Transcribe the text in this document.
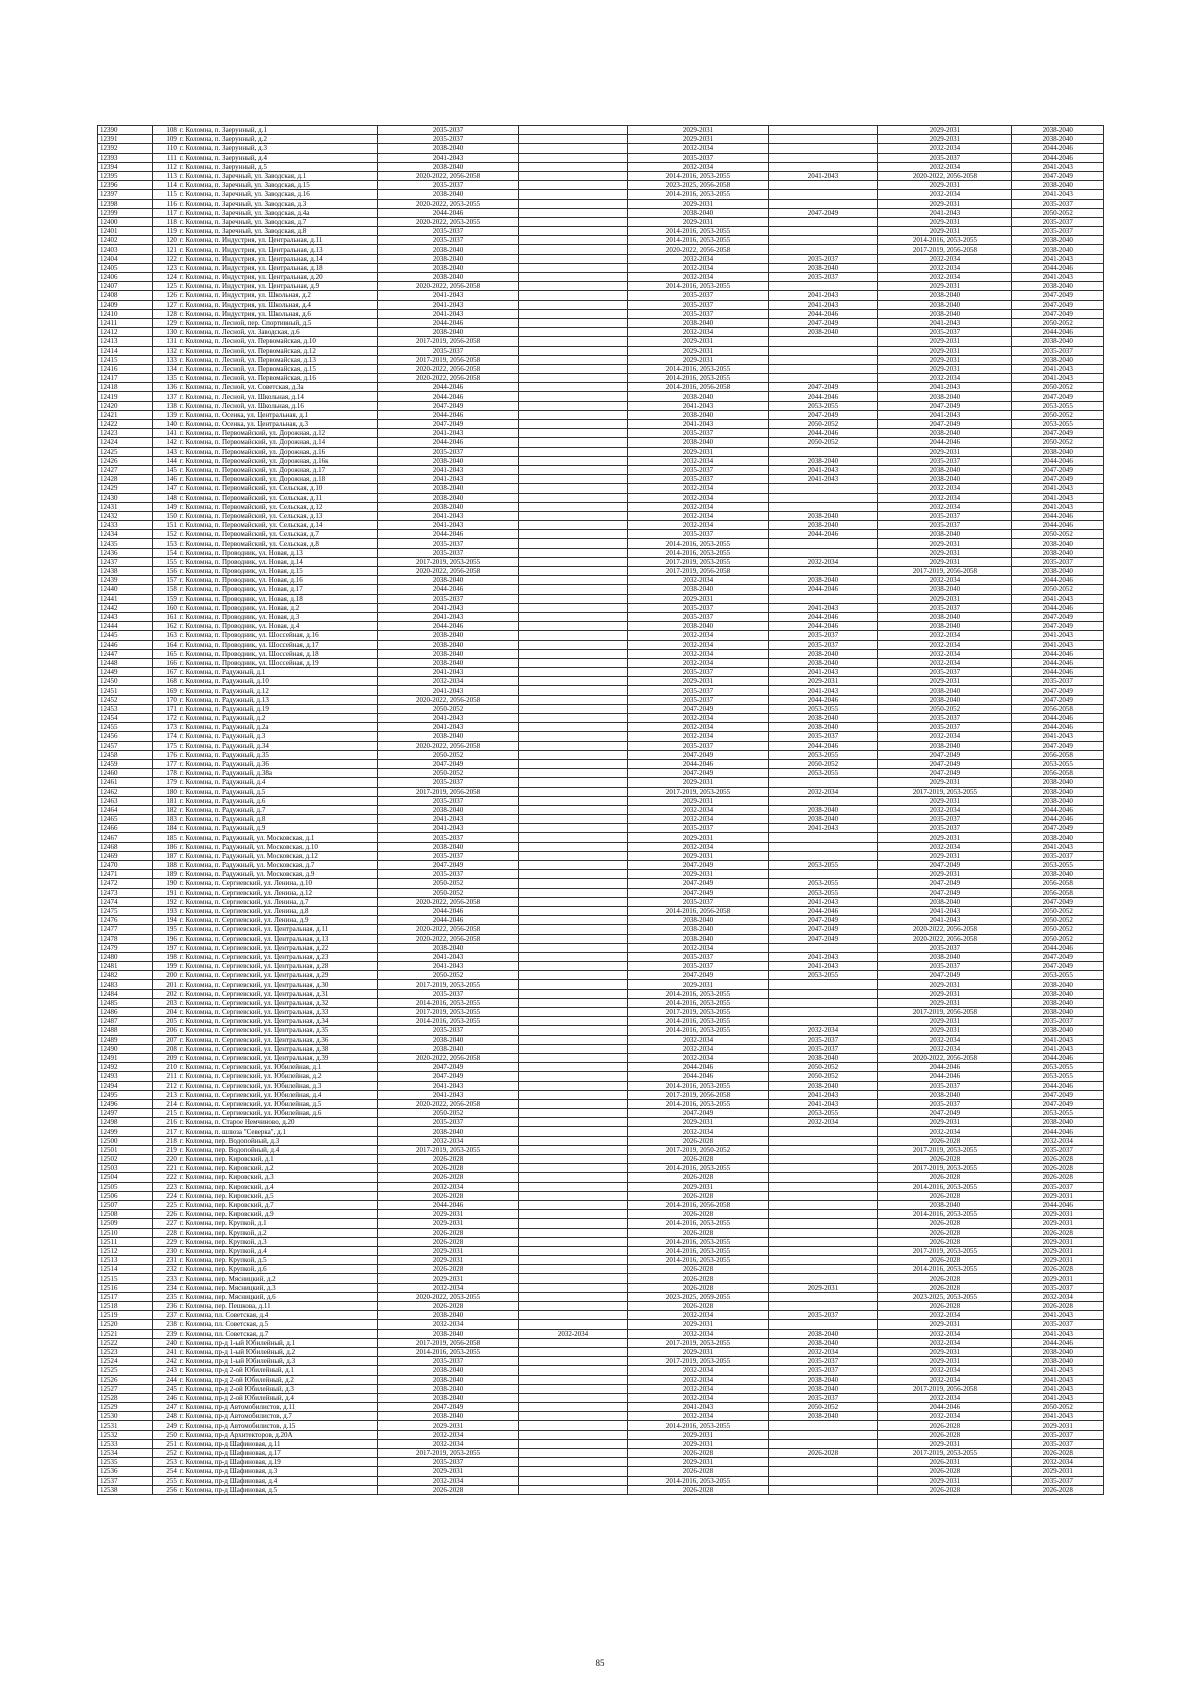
12390	108 г. Коломна, п. Заерунный, д.1	2035-2037		2029-2031		2029-2031	2038-2040
12391	109 г. Коломна, п. Заерунный, д.2	2035-2037		2029-2031		2029-2031	2038-2040
12392	110 г. Коломна, п. Заерунный, д.3	2038-2040		2032-2034		2032-2034	2044-2046
12393	111 г. Коломна, п. Заерунный, д.4	2041-2043		2035-2037		2035-2037	2044-2046
12394	112 г. Коломна, п. Заерунный, д.5	2038-2040		2032-2034		2032-2034	2041-2043
12395	113 г. Коломна, п. Заречный, ул. Заводская, д.1	2020-2022, 2056-2058		2014-2016, 2053-2055	2041-2043	2020-2022, 2056-2058	2047-2049
12396	114 г. Коломна, п. Заречный, ул. Заводская, д.15	2035-2037		2023-2025, 2056-2058		2029-2031	2038-2040
12397	115 г. Коломна, п. Заречный, ул. Заводская, д.16	2038-2040		2014-2016, 2053-2055		2032-2034	2041-2043
12398	116 г. Коломна, п. Заречный, ул. Заводская, д.3	2020-2022, 2053-2055		2029-2031		2029-2031	2035-2037
12399	117 г. Коломна, п. Заречный, ул. Заводская, д.4а	2044-2046		2038-2040	2047-2049	2041-2043	2050-2052
12400	118 г. Коломна, п. Заречный, ул. Заводская, д.7	2020-2022, 2053-2055		2029-2031		2029-2031	2035-2037
12401	119 г. Коломна, п. Заречный, ул. Заводская, д.8	2035-2037		2014-2016, 2053-2055		2029-2031	2035-2037
12402	120 г. Коломна, п. Индустрия, ул. Центральная, д.11	2035-2037		2014-2016, 2053-2055		2014-2016, 2053-2055	2038-2040
12403	121 г. Коломна, п. Индустрия, ул. Центральная, д.13	2038-2040		2020-2022, 2056-2058		2017-2019, 2056-2058	2038-2040
12404	122 г. Коломна, п. Индустрия, ул. Центральная, д.14	2038-2040		2032-2034	2035-2037	2032-2034	2041-2043
12405	123 г. Коломна, п. Индустрия, ул. Центральная, д.18	2038-2040		2032-2034	2038-2040	2032-2034	2044-2046
12406	124 г. Коломна, п. Индустрия, ул. Центральная, д.20	2038-2040		2032-2034	2035-2037	2032-2034	2041-2043
12407	125 г. Коломна, п. Индустрия, ул. Центральная, д.9	2020-2022, 2056-2058		2014-2016, 2053-2055		2029-2031	2038-2040
12408	126 г. Коломна, п. Индустрия, ул. Школьная, д.2	2041-2043		2035-2037	2041-2043	2038-2040	2047-2049
12409	127 г. Коломна, п. Индустрия, ул. Школьная, д.4	2041-2043		2035-2037	2041-2043	2038-2040	2047-2049
12410	128 г. Коломна, п. Индустрия, ул. Школьная, д.6	2041-2043		2035-2037	2044-2046	2038-2040	2047-2049
12411	129 г. Коломна, п. Лесной, пер. Спортивный, д.5	2044-2046		2038-2040	2047-2049	2041-2043	2050-2052
12412	130 г. Коломна, п. Лесной, ул. Заводская, д.6	2038-2040		2032-2034	2038-2040	2035-2037	2044-2046
12413	131 г. Коломна, п. Лесной, ул. Первомайская, д.10	2017-2019, 2056-2058		2029-2031		2029-2031	2038-2040
12414	132 г. Коломна, п. Лесной, ул. Первомайская, д.12	2035-2037		2029-2031		2029-2031	2035-2037
12415	133 г. Коломна, п. Лесной, ул. Первомайская, д.13	2017-2019, 2056-2058		2029-2031		2029-2031	2038-2040
12416	134 г. Коломна, п. Лесной, ул. Первомайская, д.15	2020-2022, 2056-2058		2014-2016, 2053-2055		2029-2031	2041-2043
12417	135 г. Коломна, п. Лесной, ул. Первомайская, д.16	2020-2022, 2056-2058		2014-2016, 2053-2055		2032-2034	2041-2043
12418	136 г. Коломна, п. Лесной, ул. Советская, д.3а	2044-2046		2014-2016, 2056-2058	2047-2049	2041-2043	2050-2052
12419	137 г. Коломна, п. Лесной, ул. Школьная, д.14	2044-2046		2038-2040	2044-2046	2038-2040	2047-2049
12420	138 г. Коломна, п. Лесной, ул. Школьная, д.16	2047-2049		2041-2043	2053-2055	2047-2049	2053-2055
12421	139 г. Коломна, п. Осенка, ул. Центральная, д.1	2044-2046		2038-2040	2047-2049	2041-2043	2050-2052
12422	140 г. Коломна, п. Осенка, ул. Центральная, д.3	2047-2049		2041-2043	2050-2052	2047-2049	2053-2055
12423	141 г. Коломна, п. Первомайский, ул. Дорожная, д.12	2041-2043		2035-2037	2044-2046	2038-2040	2047-2049
12424	142 г. Коломна, п. Первомайский, ул. Дорожная, д.14	2044-2046		2038-2040	2050-2052	2044-2046	2050-2052
12425	143 г. Коломна, п. Первомайский, ул. Дорожная, д.16	2035-2037		2029-2031		2029-2031	2038-2040
12426	144 г. Коломна, п. Первомайский, ул. Дорожная, д.16к	2038-2040		2032-2034	2038-2040	2035-2037	2044-2046
12427	145 г. Коломна, п. Первомайский, ул. Дорожная, д.17	2041-2043		2035-2037	2041-2043	2038-2040	2047-2049
12428	146 г. Коломна, п. Первомайский, ул. Дорожная, д.18	2041-2043		2035-2037	2041-2043	2038-2040	2047-2049
12429	147 г. Коломна, п. Первомайский, ул. Сельская, д.10	2038-2040		2032-2034		2032-2034	2041-2043
12430	148 г. Коломна, п. Первомайский, ул. Сельская, д.11	2038-2040		2032-2034		2032-2034	2041-2043
12431	149 г. Коломна, п. Первомайский, ул. Сельская, д.12	2038-2040		2032-2034		2032-2034	2041-2043
12432	150 г. Коломна, п. Первомайский, ул. Сельская, д.13	2041-2043		2032-2034	2038-2040	2035-2037	2044-2046
12433	151 г. Коломна, п. Первомайский, ул. Сельская, д.14	2041-2043		2032-2034	2038-2040	2035-2037	2044-2046
12434	152 г. Коломна, п. Первомайский, ул. Сельская, д.7	2044-2046		2035-2037	2044-2046	2038-2040	2050-2052
12435	153 г. Коломна, п. Первомайский, ул. Сельская, д.8	2035-2037		2014-2016, 2053-2055		2029-2031	2038-2040
12436	154 г. Коломна, п. Проводник, ул. Новая, д.13	2035-2037		2014-2016, 2053-2055		2029-2031	2038-2040
12437	155 г. Коломна, п. Проводник, ул. Новая, д.14	2017-2019, 2053-2055		2017-2019, 2053-2055	2032-2034	2029-2031	2035-2037
12438	156 г. Коломна, п. Проводник, ул. Новая, д.15	2020-2022, 2056-2058		2017-2019, 2056-2058		2017-2019, 2056-2058	2038-2040
12439	157 г. Коломна, п. Проводник, ул. Новая, д.16	2038-2040		2032-2034	2038-2040	2032-2034	2044-2046
12440	158 г. Коломна, п. Проводник, ул. Новая, д.17	2044-2046		2038-2040	2044-2046	2038-2040	2050-2052
12441	159 г. Коломна, п. Проводник, ул. Новая, д.18	2035-2037		2029-2031		2029-2031	2041-2043
12442	160 г. Коломна, п. Проводник, ул. Новая, д.2	2041-2043		2035-2037	2041-2043	2035-2037	2044-2046
12443	161 г. Коломна, п. Проводник, ул. Новая, д.3	2041-2043		2035-2037	2044-2046	2038-2040	2047-2049
12444	162 г. Коломна, п. Проводник, ул. Новая, д.4	2044-2046		2038-2040	2044-2046	2038-2040	2047-2049
12445	163 г. Коломна, п. Проводник, ул. Шоссейная, д.16	2038-2040		2032-2034	2035-2037	2032-2034	2041-2043
12446	164 г. Коломна, п. Проводник, ул. Шоссейная, д.17	2038-2040		2032-2034	2035-2037	2032-2034	2041-2043
12447	165 г. Коломна, п. Проводник, ул. Шоссейная, д.18	2038-2040		2032-2034	2038-2040	2032-2034	2044-2046
12448	166 г. Коломна, п. Проводник, ул. Шоссейная, д.19	2038-2040		2032-2034	2038-2040	2032-2034	2044-2046
12449	167 г. Коломна, п. Радужный, д.1	2041-2043		2035-2037	2041-2043	2035-2037	2044-2046
12450	168 г. Коломна, п. Радужный, д.10	2032-2034		2029-2031	2029-2031	2029-2031	2035-2037
12451	169 г. Коломна, п. Радужный, д.12	2041-2043		2035-2037	2041-2043	2038-2040	2047-2049
12452	170 г. Коломна, п. Радужный, д.13	2020-2022, 2056-2058		2035-2037	2044-2046	2038-2040	2047-2049
12453	171 г. Коломна, п. Радужный, д.19	2050-2052		2047-2049	2053-2055	2050-2052	2056-2058
12454	172 г. Коломна, п. Радужный, д.2	2041-2043		2032-2034	2038-2040	2035-2037	2044-2046
12455	173 г. Коломна, п. Радужный, д.2а	2041-2043		2032-2034	2038-2040	2035-2037	2044-2046
12456	174 г. Коломна, п. Радужный, д.3	2038-2040		2032-2034	2035-2037	2032-2034	2041-2043
12457	175 г. Коломна, п. Радужный, д.34	2020-2022, 2056-2058		2035-2037	2044-2046	2038-2040	2047-2049
12458	176 г. Коломна, п. Радужный, д.35	2050-2052		2047-2049	2053-2055	2047-2049	2056-2058
12459	177 г. Коломна, п. Радужный, д.36	2047-2049		2044-2046	2050-2052	2047-2049	2053-2055
12460	178 г. Коломна, п. Радужный, д.38а	2050-2052		2047-2049	2053-2055	2047-2049	2056-2058
12461	179 г. Коломна, п. Радужный, д.4	2035-2037		2029-2031		2029-2031	2038-2040
12462	180 г. Коломна, п. Радужный, д.5	2017-2019, 2056-2058		2017-2019, 2053-2055	2032-2034	2017-2019, 2053-2055	2038-2040
12463	181 г. Коломна, п. Радужный, д.6	2035-2037		2029-2031		2029-2031	2038-2040
12464	182 г. Коломна, п. Радужный, д.7	2038-2040		2032-2034	2038-2040	2032-2034	2044-2046
12465	183 г. Коломна, п. Радужный, д.8	2041-2043		2032-2034	2038-2040	2035-2037	2044-2046
12466	184 г. Коломна, п. Радужный, д.9	2041-2043		2035-2037	2041-2043	2035-2037	2047-2049
12467	185 г. Коломна, п. Радужный, ул. Московская, д.1	2035-2037		2029-2031		2029-2031	2038-2040
12468	186 г. Коломна, п. Радужный, ул. Московская, д.10	2038-2040		2032-2034		2032-2034	2041-2043
12469	187 г. Коломна, п. Радужный, ул. Московская, д.12	2035-2037		2029-2031		2029-2031	2035-2037
12470	188 г. Коломна, п. Радужный, ул. Московская, д.7	2047-2049		2047-2049	2053-2055	2047-2049	2053-2055
12471	189 г. Коломна, п. Радужный, ул. Московская, д.9	2035-2037		2029-2031		2029-2031	2038-2040
12472	190 г. Коломна, п. Сергиевский, ул. Ленина, д.10	2050-2052		2047-2049	2053-2055	2047-2049	2056-2058
12473	191 г. Коломна, п. Сергиевский, ул. Ленина, д.12	2050-2052		2047-2049	2053-2055	2047-2049	2056-2058
12474	192 г. Коломна, п. Сергиевский, ул. Ленина, д.7	2020-2022, 2056-2058		2035-2037	2041-2043	2038-2040	2047-2049
12475	193 г. Коломна, п. Сергиевский, ул. Ленина, д.8	2044-2046		2014-2016, 2056-2058	2044-2046	2041-2043	2050-2052
12476	194 г. Коломна, п. Сергиевский, ул. Ленина, д.9	2044-2046		2038-2040	2047-2049	2041-2043	2050-2052
12477	195 г. Коломна, п. Сергиевский, ул. Центральная, д.11	2020-2022, 2056-2058		2038-2040	2047-2049	2020-2022, 2056-2058	2050-2052
12478	196 г. Коломна, п. Сергиевский, ул. Центральная, д.13	2020-2022, 2056-2058		2038-2040	2047-2049	2020-2022, 2056-2058	2050-2052
12479	197 г. Коломна, п. Сергиевский, ул. Центральная, д.22	2038-2040		2032-2034		2035-2037	2044-2046
12480	198 г. Коломна, п. Сергиевский, ул. Центральная, д.23	2041-2043		2035-2037	2041-2043	2038-2040	2047-2049
12481	199 г. Коломна, п. Сергиевский, ул. Центральная, д.28	2041-2043		2035-2037	2041-2043	2035-2037	2047-2049
12482	200 г. Коломна, п. Сергиевский, ул. Центральная, д.29	2050-2052		2047-2049	2053-2055	2047-2049	2053-2055
12483	201 г. Коломна, п. Сергиевский, ул. Центральная, д.30	2017-2019, 2053-2055		2029-2031		2029-2031	2038-2040
12484	202 г. Коломна, п. Сергиевский, ул. Центральная, д.31	2035-2037		2014-2016, 2053-2055		2029-2031	2038-2040
12485	203 г. Коломна, п. Сергиевский, ул. Центральная, д.32	2014-2016, 2053-2055		2014-2016, 2053-2055		2029-2031	2038-2040
12486	204 г. Коломна, п. Сергиевский, ул. Центральная, д.33	2017-2019, 2053-2055		2017-2019, 2053-2055		2017-2019, 2056-2058	2038-2040
12487	205 г. Коломна, п. Сергиевский, ул. Центральная, д.34	2014-2016, 2053-2055		2014-2016, 2053-2055		2029-2031	2035-2037
12488	206 г. Коломна, п. Сергиевский, ул. Центральная, д.35	2035-2037		2014-2016, 2053-2055	2032-2034	2029-2031	2038-2040
12489	207 г. Коломна, п. Сергиевский, ул. Центральная, д.36	2038-2040		2032-2034	2035-2037	2032-2034	2041-2043
12490	208 г. Коломна, п. Сергиевский, ул. Центральная, д.38	2038-2040		2032-2034	2035-2037	2032-2034	2041-2043
12491	209 г. Коломна, п. Сергиевский, ул. Центральная, д.39	2020-2022, 2056-2058		2032-2034	2038-2040	2020-2022, 2056-2058	2044-2046
12492	210 г. Коломна, п. Сергиевский, ул. Юбилейная, д.1	2047-2049		2044-2046	2050-2052	2044-2046	2053-2055
12493	211 г. Коломна, п. Сергиевский, ул. Юбилейная, д.2	2047-2049		2044-2046	2050-2052	2044-2046	2053-2055
12494	212 г. Коломна, п. Сергиевский, ул. Юбилейная, д.3	2041-2043		2014-2016, 2053-2055	2038-2040	2035-2037	2044-2046
12495	213 г. Коломна, п. Сергиевский, ул. Юбилейная, д.4	2041-2043		2017-2019, 2056-2058	2041-2043	2038-2040	2047-2049
12496	214 г. Коломна, п. Сергиевский, ул. Юбилейная, д.5	2020-2022, 2056-2058		2014-2016, 2053-2055	2041-2043	2035-2037	2047-2049
12497	215 г. Коломна, п. Сергиевский, ул. Юбилейная, д.6	2050-2052		2047-2049	2053-2055	2047-2049	2053-2055
12498	216 г. Коломна, п. Старое Немчиново, д.20	2035-2037		2029-2031	2032-2034	2029-2031	2038-2040
12499	217 г. Коломна, п. шлюза "Северка", д.1	2038-2040		2032-2034		2032-2034	2044-2046
12500	218 г. Коломна, пер. Водопойный, д.3	2032-2034		2026-2028		2026-2028	2032-2034
12501	219 г. Коломна, пер. Водопойный, д.4	2017-2019, 2053-2055		2017-2019, 2050-2052		2017-2019, 2053-2055	2035-2037
12502	220 г. Коломна, пер. Кировский, д.1	2026-2028		2026-2028		2026-2028	2026-2028
12503	221 г. Коломна, пер. Кировский, д.2	2026-2028		2014-2016, 2053-2055		2017-2019, 2053-2055	2026-2028
12504	222 г. Коломна, пер. Кировский, д.3	2026-2028		2026-2028		2026-2028	2026-2028
12505	223 г. Коломна, пер. Кировский, д.4	2032-2034		2029-2031		2014-2016, 2053-2055	2035-2037
12506	224 г. Коломна, пер. Кировский, д.5	2026-2028		2026-2028		2026-2028	2029-2031
12507	225 г. Коломна, пер. Кировский, д.7	2044-2046		2014-2016, 2056-2058		2038-2040	2044-2046
12508	226 г. Коломна, пер. Кировский, д.9	2029-2031		2026-2028		2014-2016, 2053-2055	2029-2031
12509	227 г. Коломна, пер. Крупкой, д.1	2029-2031		2014-2016, 2053-2055		2026-2028	2029-2031
12510	228 г. Коломна, пер. Крупкой, д.2	2026-2028		2026-2028		2026-2028	2026-2028
12511	229 г. Коломна, пер. Крупкой, д.3	2026-2028		2014-2016, 2053-2055		2026-2028	2029-2031
12512	230 г. Коломна, пер. Крупкой, д.4	2029-2031		2014-2016, 2053-2055		2017-2019, 2053-2055	2029-2031
12513	231 г. Коломна, пер. Крупкой, д.5	2029-2031		2014-2016, 2053-2055		2026-2028	2029-2031
12514	232 г. Коломна, пер. Крупкой, д.6	2026-2028		2026-2028		2014-2016, 2053-2055	2026-2028
12515	233 г. Коломна, пер. Мясницкий, д.2	2029-2031		2026-2028		2026-2028	2029-2031
12516	234 г. Коломна, пер. Мясницкий, д.3	2032-2034		2026-2028	2029-2031	2026-2028	2035-2037
12517	235 г. Коломна, пер. Мясницкий, д.6	2020-2022, 2053-2055		2023-2025, 2059-2055		2023-2025, 2053-2055	2032-2034
12518	236 г. Коломна, пер. Пешкова, д.11	2026-2028		2026-2028		2026-2028	2026-2028
12519	237 г. Коломна, пл. Советская, д.4	2038-2040		2032-2034	2035-2037	2032-2034	2041-2043
12520	238 г. Коломна, пл. Советская, д.5	2032-2034		2029-2031		2029-2031	2035-2037
12521	239 г. Коломна, пл. Советская, д.7	2038-2040	2032-2034	2032-2034	2038-2040	2032-2034	2041-2043
12522	240 г. Коломна, пр-д 1-ый Юбилейный, д.1	2017-2019, 2056-2058		2017-2019, 2053-2055	2038-2040	2032-2034	2044-2046
12523	241 г. Коломна, пр-д 1-ый Юбилейный, д.2	2014-2016, 2053-2055		2029-2031	2032-2034	2029-2031	2038-2040
12524	242 г. Коломна, пр-д 1-ый Юбилейный, д.3	2035-2037		2017-2019, 2053-2055	2035-2037	2029-2031	2038-2040
12525	243 г. Коломна, пр-д 2-ой Юбилейный, д.1	2038-2040		2032-2034	2035-2037	2032-2034	2041-2043
12526	244 г. Коломна, пр-д 2-ой Юбилейный, д.2	2038-2040		2032-2034	2038-2040	2032-2034	2041-2043
12527	245 г. Коломна, пр-д 2-ой Юбилейный, д.3	2038-2040		2032-2034	2038-2040	2017-2019, 2056-2058	2041-2043
12528	246 г. Коломна, пр-д 2-ой Юбилейный, д.4	2038-2040		2032-2034	2035-2037	2032-2034	2041-2043
12529	247 г. Коломна, пр-д Автомобилистов, д.11	2047-2049		2041-2043	2050-2052	2044-2046	2050-2052
12530	248 г. Коломна, пр-д Автомобилистов, д.7	2038-2040		2032-2034	2038-2040	2032-2034	2041-2043
12531	249 г. Коломна, пр-д Автомобилистов, д.15	2029-2031		2014-2016, 2053-2055		2026-2028	2029-2031
12532	250 г. Коломна, пр-д Архитекторов, д.20А	2032-2034		2029-2031		2026-2028	2035-2037
12533	251 г. Коломна, пр-д Шафиновая, д.11	2032-2034		2029-2031		2029-2031	2035-2037
12534	252 г. Коломна, пр-д Шафиновая, д.17	2017-2019, 2053-2055		2026-2028	2026-2028	2017-2019, 2053-2055	2026-2028
12535	253 г. Коломна, пр-д Шафиновая, д.19	2035-2037		2029-2031		2026-2031	2032-2034
12536	254 г. Коломна, пр-д Шафиновая, д.3	2029-2031		2026-2028		2026-2028	2029-2031
12537	255 г. Коломна, пр-д Шафиновая, д.4	2032-2034		2014-2016, 2053-2055		2029-2031	2035-2037
12538	256 г. Коломна, пр-д Шафиновая, д.5	2026-2028		2026-2028		2026-2028	2026-2028
85
